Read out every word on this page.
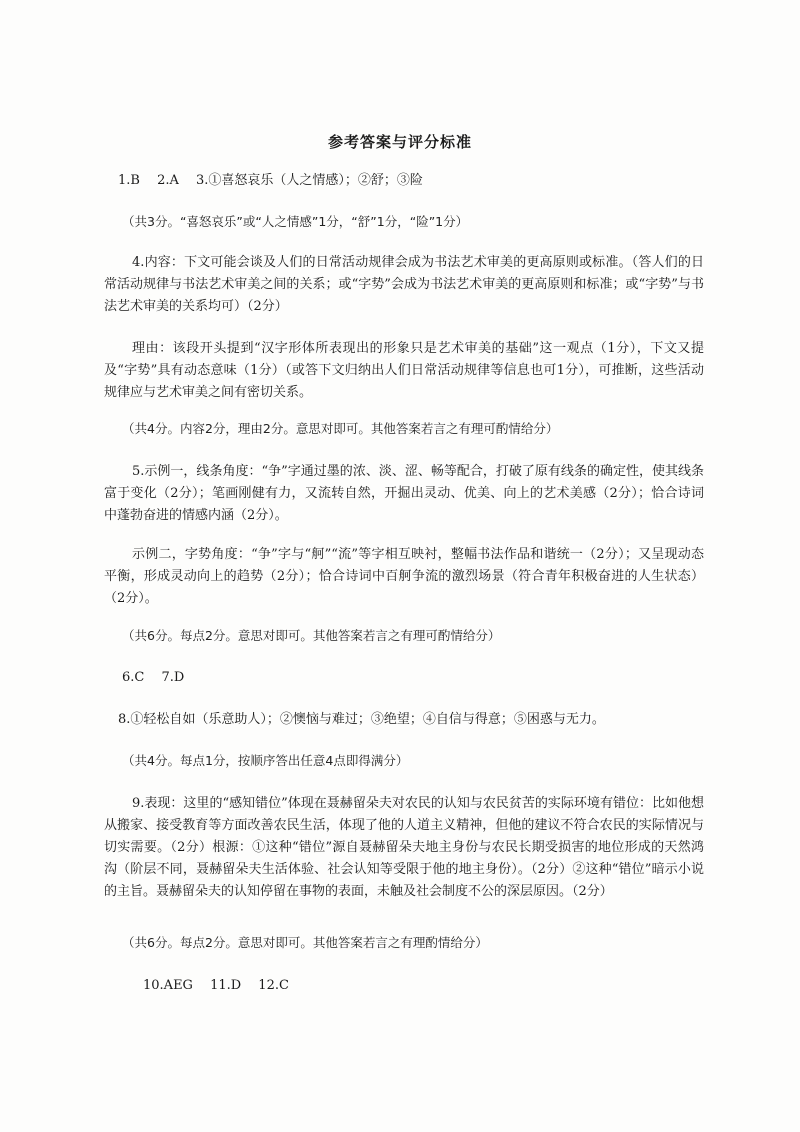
参考答案与评分标准
1.B　 2.A　 3.①喜怒哀乐（人之情感）；②舒；③险
（共3分。“喜怒哀乐”或“人之情感”1分，“舒”1分，“险”1分）
4.内容：下文可能会谈及人们的日常活动规律会成为书法艺术审美的更高原则或标准。（答人们的日常活动规律与书法艺术审美之间的关系；或“字势”会成为书法艺术审美的更高原则和标准；或“字势”与书法艺术审美的关系均可）（2分）
理由：该段开头提到“汉字形体所表现出的形象只是艺术审美的基础”这一观点（1分），下文又提及“字势”具有动态意味（1分）（或答下文归纳出人们日常活动规律等信息也可1分），可推断，这些活动规律应与艺术审美之间有密切关系。
（共4分。内容2分，理由2分。意思对即可。其他答案若言之有理可酌情给分）
5.示例一，线条角度：“争”字通过墨的浓、淡、涩、畅等配合，打破了原有线条的确定性，使其线条富于变化（2分）；笔画刚健有力，又流转自然，开掘出灵动、优美、向上的艺术美感（2分）；恰合诗词中蓬勃奋进的情感内涵（2分）。
示例二，字势角度：“争”字与“舸”“流”等字相互映衬，整幅书法作品和谐统一（2分）；又呈现动态平衡，形成灵动向上的趋势（2分）；恰合诗词中百舸争流的激烈场景（符合青年积极奋进的人生状态）（2分）。
（共6分。每点2分。意思对即可。其他答案若言之有理可酌情给分）
6.C　 7.D
8.①轻松自如（乐意助人）；②懊恼与难过；③绝望；④自信与得意；⑤困惑与无力。
（共4分。每点1分，按顺序答出任意4点即得满分）
9.表现：这里的“感知错位”体现在聂赫留朵夫对农民的认知与农民贫苦的实际环境有错位：比如他想从搬家、接受教育等方面改善农民生活，体现了他的人道主义精神，但他的建议不符合农民的实际情况与切实需要。（2分）根源：①这种“错位”源自聂赫留朵夫地主身份与农民长期受损害的地位形成的天然鸿沟（阶层不同，聂赫留朵夫生活体验、社会认知等受限于他的地主身份）。（2分）②这种“错位”暗示小说的主旨。聂赫留朵夫的认知停留在事物的表面，未触及社会制度不公的深层原因。（2分）
（共6分。每点2分。意思对即可。其他答案若言之有理酌情给分）
10.AEG　 11.D　 12.C
